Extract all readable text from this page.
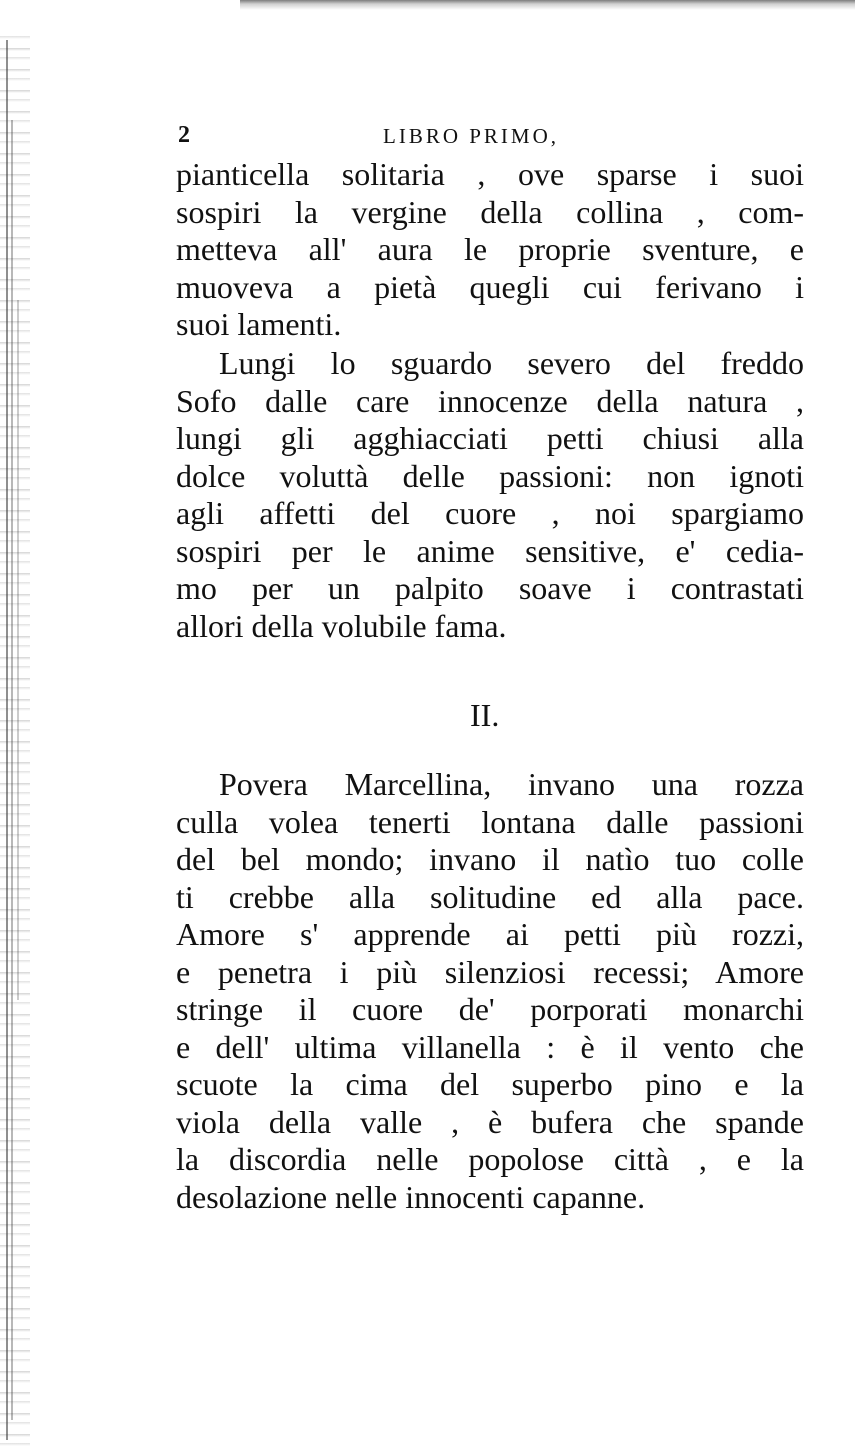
2	LIBRO PRIMO,
pianticella solitaria , ove sparse i suoi
sospiri la vergine della collina , com-
metteva all' aura le proprie sventure, e
muoveva a pietà quegli cui ferivano i
suoi lamenti.
Lungi lo sguardo severo del freddo
Sofo dalle care innocenze della natura ,
lungi gli agghiacciati petti chiusi alla
dolce voluttà delle passioni: non ignoti
agli affetti del cuore , noi spargiamo
sospiri per le anime sensitive, e' cedia-
mo per un palpito soave i contrastati
allori della volubile fama.
II.
Povera Marcellina, invano una rozza
culla volea tenerti lontana dalle passioni
del bel mondo; invano il natìo tuo colle
ti crebbe alla solitudine ed alla pace.
Amore s' apprende ai petti più rozzi,
e penetra i più silenziosi recessi; Amore
stringe il cuore de' porporati monarchi
e dell' ultima villanella : è il vento che
scuote la cima del superbo pino e la
viola della valle , è bufera che spande
la discordia nelle popolose città , e la
desolazione nelle innocenti capanne.
